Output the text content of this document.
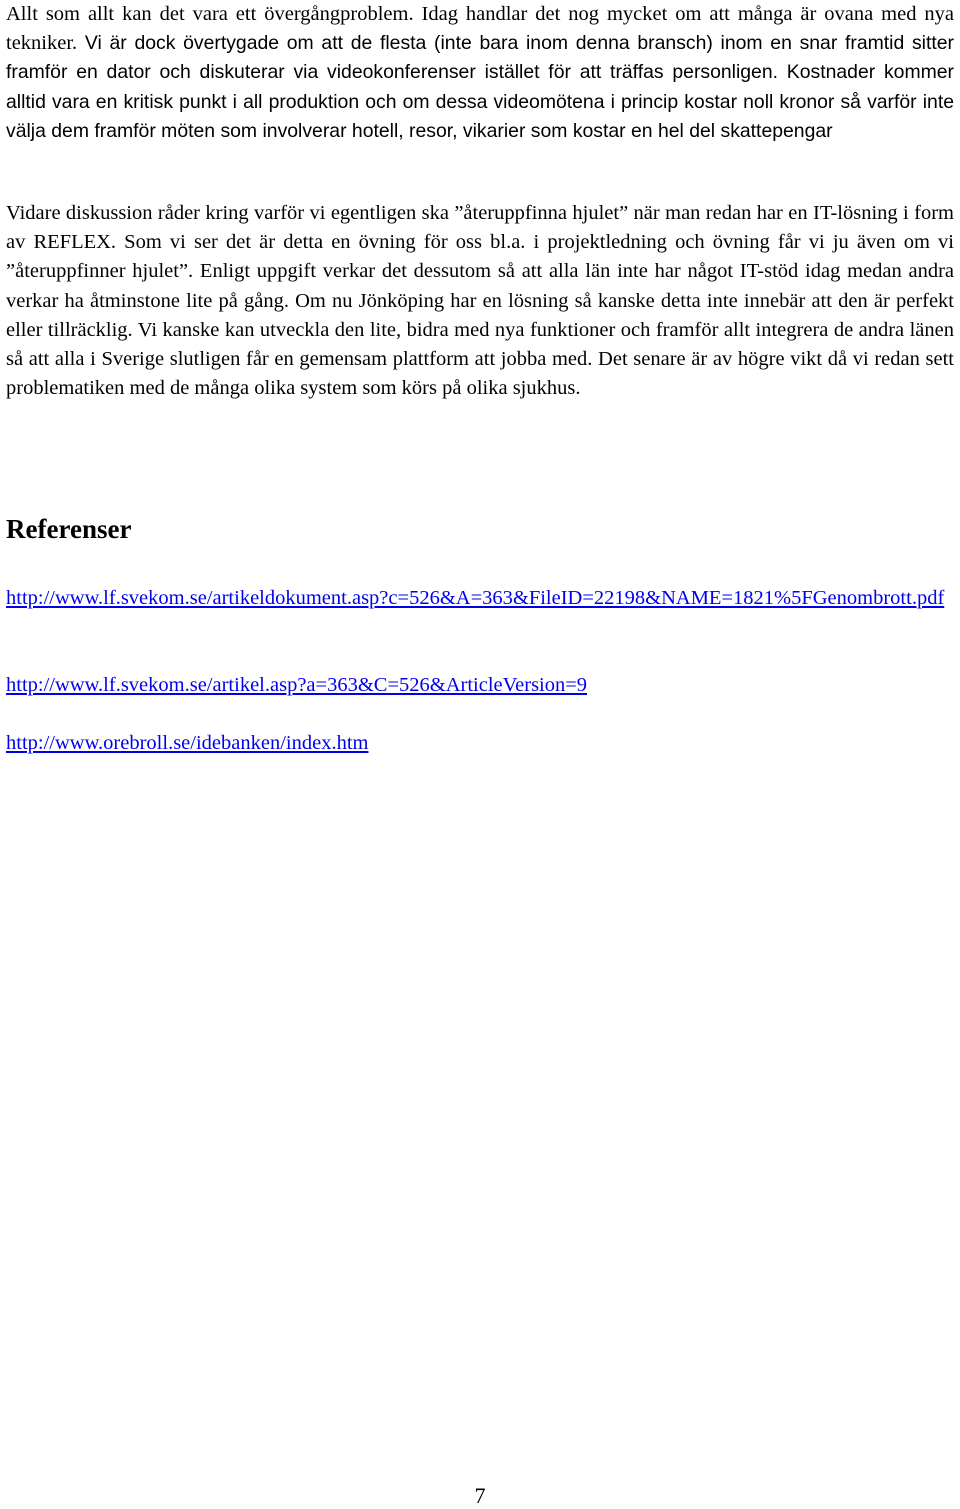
Allt som allt kan det vara ett övergångproblem. Idag handlar det nog mycket om att många är ovana med nya tekniker. Vi är dock övertygade om att de flesta (inte bara inom denna bransch) inom en snar framtid sitter framför en dator och diskuterar via videokonferenser istället för att träffas personligen. Kostnader kommer alltid vara en kritisk punkt i all produktion och om dessa videomötena i princip kostar noll kronor så varför inte välja dem framför möten som involverar hotell, resor, vikarier som kostar en hel del skattepengar

Vidare diskussion råder kring varför vi egentligen ska ”återuppfinna hjulet” när man redan har en IT-lösning i form av REFLEX. Som vi ser det är detta en övning för oss bl.a. i projektledning och övning får vi ju även om vi ”återuppfinner hjulet”. Enligt uppgift verkar det dessutom så att alla län inte har något IT-stöd idag medan andra verkar ha åtminstone lite på gång. Om nu Jönköping har en lösning så kanske detta inte innebär att den är perfekt eller tillräcklig. Vi kanske kan utveckla den lite, bidra med nya funktioner och framför allt integrera de andra länen så att alla i Sverige slutligen får en gemensam plattform att jobba med. Det senare är av högre vikt då vi redan sett problematiken med de många olika system som körs på olika sjukhus.

Referenser
http://www.lf.svekom.se/artikeldokument.asp?c=526&A=363&FileID=22198&NAME=1821%5FGenombrott.pdf
http://www.lf.svekom.se/artikel.asp?a=363&C=526&ArticleVersion=9
http://www.orebroll.se/idebanken/index.htm
7
